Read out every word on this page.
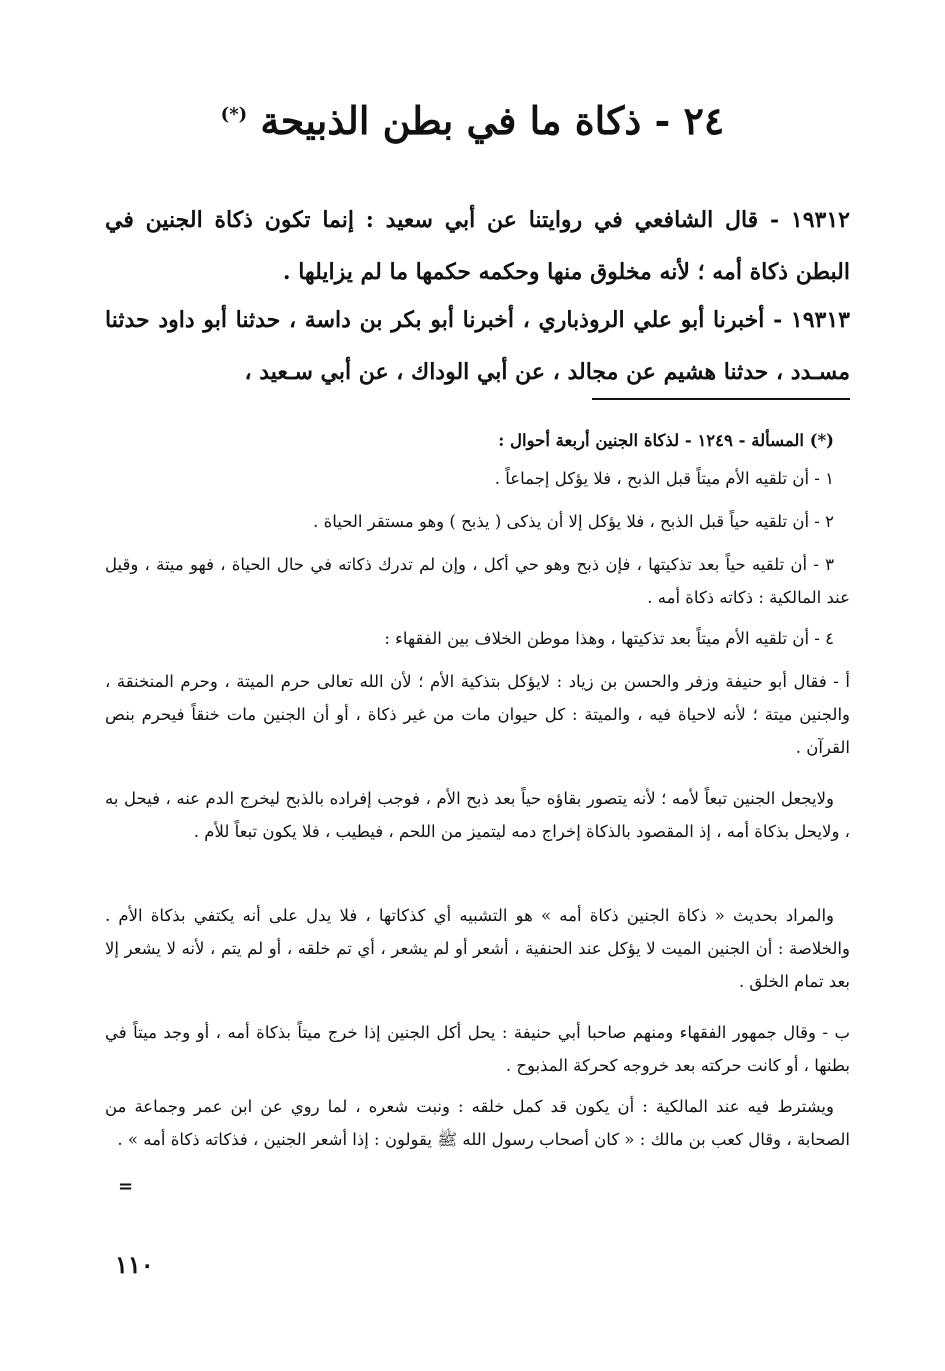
٢٤ - ذكاة ما في بطن الذبيحة (*)

١٩٣١٢ - قال الشافعي في روايتنا عن أبي سعيد : إنما تكون ذكاة الجنين في البطن ذكاة أمه ؛ لأنه مخلوق منها وحكمه حكمها ما لم يزايلها .

١٩٣١٣ - أخبرنا أبو علي الروذباري ، أخبرنا أبو بكر بن داسة ، حدثنا أبو داود حدثنا مسـدد ، حدثنا هشيم عن مجالد ، عن أبي الوداك ، عن أبي سـعيد ،

(*) المسألة - ١٢٤٩ - لذكاة الجنين أربعة أحوال :
١ - أن تلقيه الأم ميتاً قبل الذبح ، فلا يؤكل إجماعاً .
٢ - أن تلقيه حياً قبل الذبح ، فلا يؤكل إلا أن يذكى ( يذبح ) وهو مستقر الحياة .
٣ - أن تلقيه حياً بعد تذكيتها ، فإن ذبح وهو حي أكل ، وإن لم تدرك ذكاته في حال الحياة ، فهو ميتة ، وقيل عند المالكية : ذكاته ذكاة أمه .
٤ - أن تلقيه الأم ميتاً بعد تذكيتها ، وهذا موطن الخلاف بين الفقهاء :
أ - فقال أبو حنيفة وزفر والحسن بن زياد : لايؤكل بتذكية الأم ؛ لأن الله تعالى حرم الميتة ، وحرم المنخنقة ، والجنين ميتة ؛ لأنه لاحياة فيه ، والميتة : كل حيوان مات من غير ذكاة ، أو أن الجنين مات خنقاً فيحرم بنص القرآن .
ولايجعل الجنين تبعاً لأمه ؛ لأنه يتصور بقاؤه حياً بعد ذبح الأم ، فوجب إفراده بالذبح ليخرج الدم عنه ، فيحل به ، ولايحل بذكاة أمه ، إذ المقصود بالذكاة إخراج دمه ليتميز من اللحم ، فيطيب ، فلا يكون تبعاً للأم .
والمراد بحديث « ذكاة الجنين ذكاة أمه » هو التشبيه أي كذكاتها ، فلا يدل على أنه يكتفي بذكاة الأم . والخلاصة : أن الجنين الميت لا يؤكل عند الحنفية ، أشعر أو لم يشعر ، أي تم خلقه ، أو لم يتم ، لأنه لا يشعر إلا بعد تمام الخلق .
ب - وقال جمهور الفقهاء ومنهم صاحبا أبي حنيفة : يحل أكل الجنين إذا خرج ميتاً بذكاة أمه ، أو وجد ميتاً في بطنها ، أو كانت حركته بعد خروجه كحركة المذبوح .
ويشترط فيه عند المالكية : أن يكون قد كمل خلقه : ونبت شعره ، لما روي عن ابن عمر وجماعة من الصحابة ، وقال كعب بن مالك : « كان أصحاب رسول الله ﷺ يقولون : إذا أشعر الجنين ، فذكاته ذكاة أمه » .
=
١١٠
